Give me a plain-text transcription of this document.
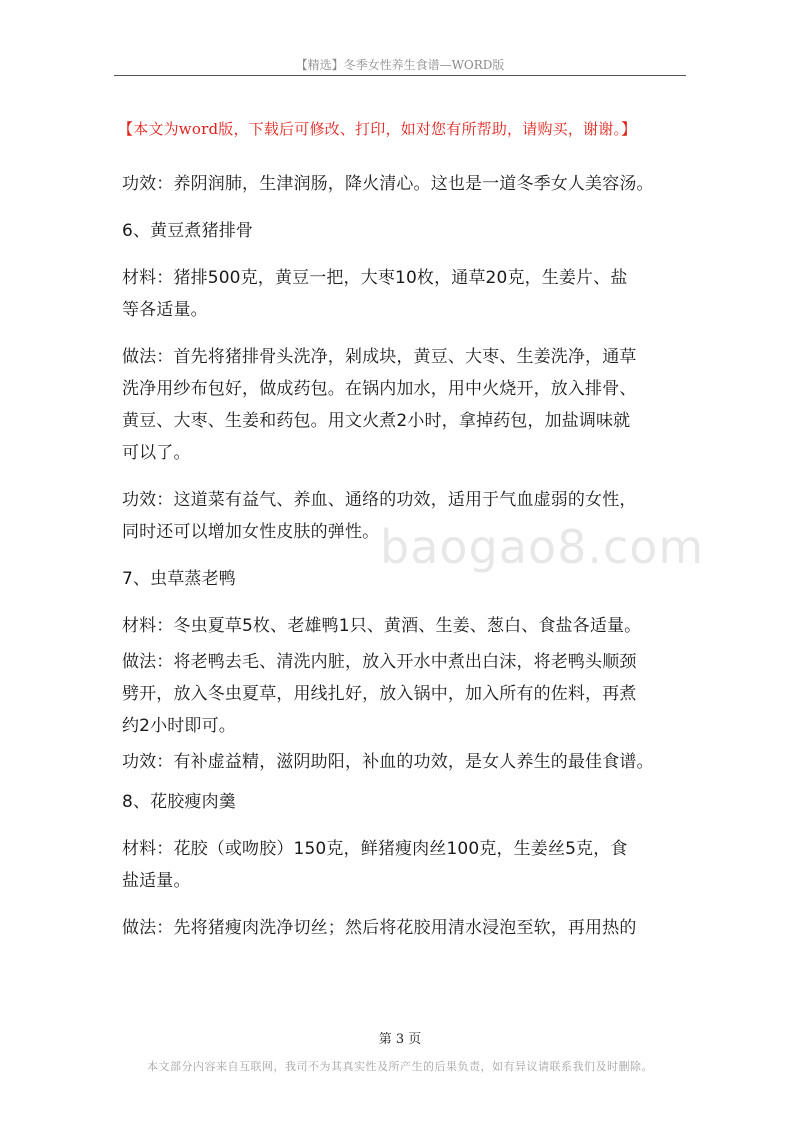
【精选】冬季女性养生食谱—WORD版
【本文为word版，下载后可修改、打印，如对您有所帮助，请购买，谢谢。】
baogao8.com
功效：养阴润肺，生津润肠，降火清心。这也是一道冬季女人美容汤。
6、黄豆煮猪排骨
材料：猪排500克，黄豆一把，大枣10枚，通草20克，生姜片、盐
等各适量。
做法：首先将猪排骨头洗净，剁成块，黄豆、大枣、生姜洗净，通草
洗净用纱布包好，做成药包。在锅内加水，用中火烧开，放入排骨、
黄豆、大枣、生姜和药包。用文火煮2小时，拿掉药包，加盐调味就
可以了。
功效：这道菜有益气、养血、通络的功效，适用于气血虚弱的女性，
同时还可以增加女性皮肤的弹性。
7、虫草蒸老鸭
材料：冬虫夏草5枚、老雄鸭1只、黄酒、生姜、葱白、食盐各适量。
做法：将老鸭去毛、清洗内脏，放入开水中煮出白沫，将老鸭头顺颈
劈开，放入冬虫夏草，用线扎好，放入锅中，加入所有的佐料，再煮
约2小时即可。
功效：有补虚益精，滋阴助阳，补血的功效，是女人养生的最佳食谱。
8、花胶瘦肉羹
材料：花胶（或吻胶）150克，鲜猪瘦肉丝100克，生姜丝5克，食
盐适量。
做法：先将猪瘦肉洗净切丝；然后将花胶用清水浸泡至软，再用热的
第 3 页
本文部分内容来自互联网，我司不为其真实性及所产生的后果负责，如有异议请联系我们及时删除。
